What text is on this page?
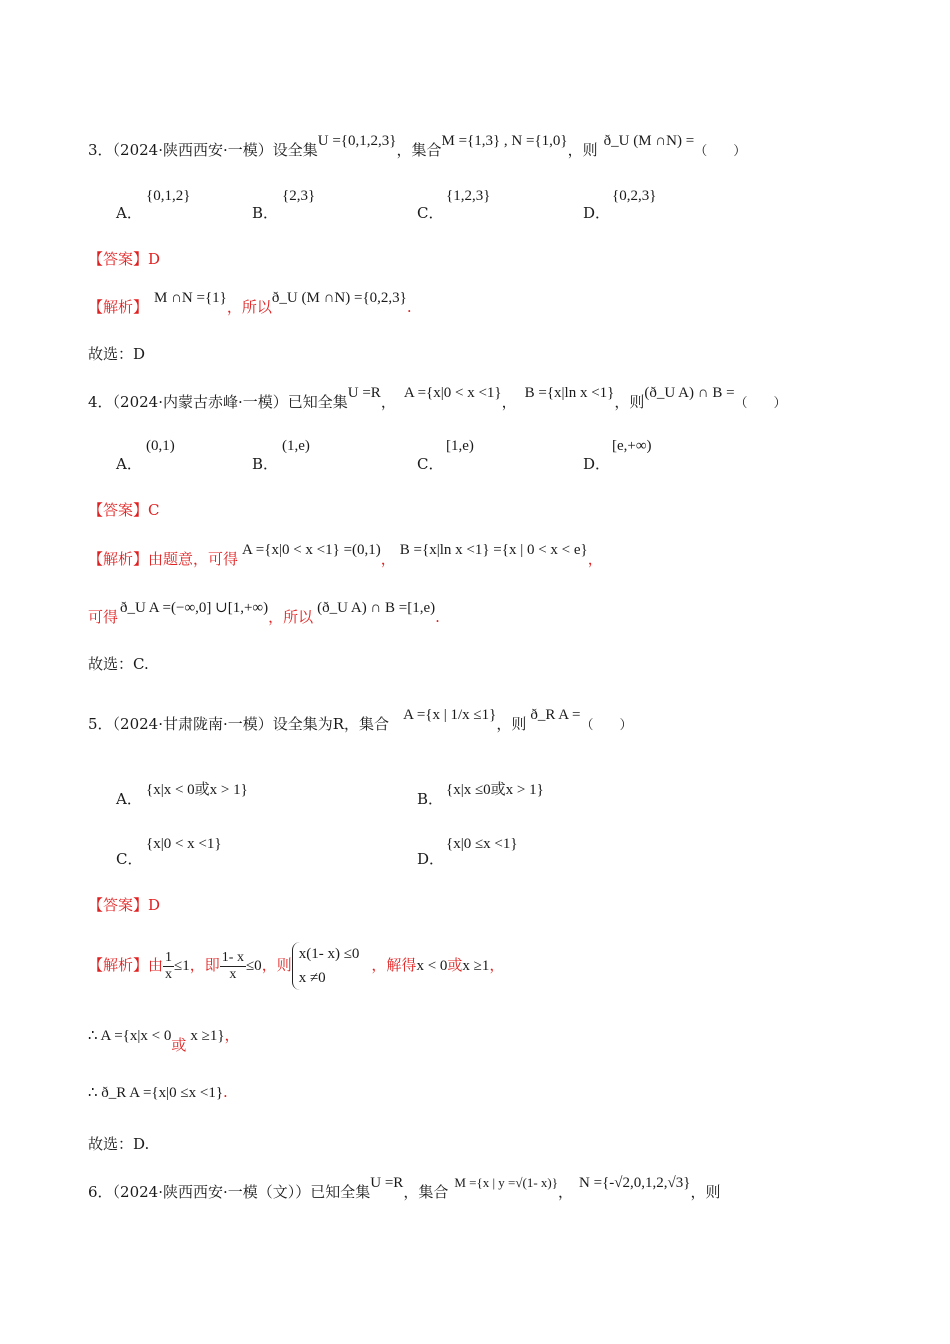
3．（2024·陕西西安·一模）设全集U ={0,1,2,3}，集合M ={1,3} , N ={1,0}，则 ð_U (M ∩N) =（　　）
A．
{0,1,2}
B．
{2,3}
C．
{1,2,3}
D．
{0,2,3}
【答案】D
【解析】 M ∩N ={1}，所以ð_U (M ∩N) ={0,2,3}.
故选：D
4．（2024·内蒙古赤峰·一模）已知全集U =R， A ={x|0 < x <1}， B ={x|ln x <1}，则(ð_U A) ∩ B =（　　）
A．
(0,1)
B．
(1,e)
C．
[1,e)
D．
[e,+∞)
【答案】C
【解析】由题意，可得 A ={x|0 < x <1} =(0,1)， B ={x|ln x <1} ={x | 0 < x < e}，
可得 ð_U A =(−∞,0] ∪[1,+∞)，所以 (ð_U A) ∩ B =[1,e).
故选：C.
5．（2024·甘肃陇南·一模）设全集为R，集合 A ={x | 1/x ≤1}，则 ð_R A =（　　）
A． {x|x < 0或x > 1}	B． {x|x ≤0或x > 1}
C．
{x|0 < x <1}
D．
{x|0 ≤x <1}
【答案】D
【解析】由 $\frac{1}{x} \le 1$，即 $\frac{1- x}{x} \le 0$，则
x(1- x) ≤0
x ≠0
，解得x < 0或x ≥1，
∴ A ={x|x < 0或 x ≥1}，
∴ ð_R A ={x|0 ≤x <1}.
故选：D.
6．（2024·陕西西安·一模（文））已知全集U =R，集合M ={x | y =√(1- x)}， N ={-√2,0,1,2,√3}，则
